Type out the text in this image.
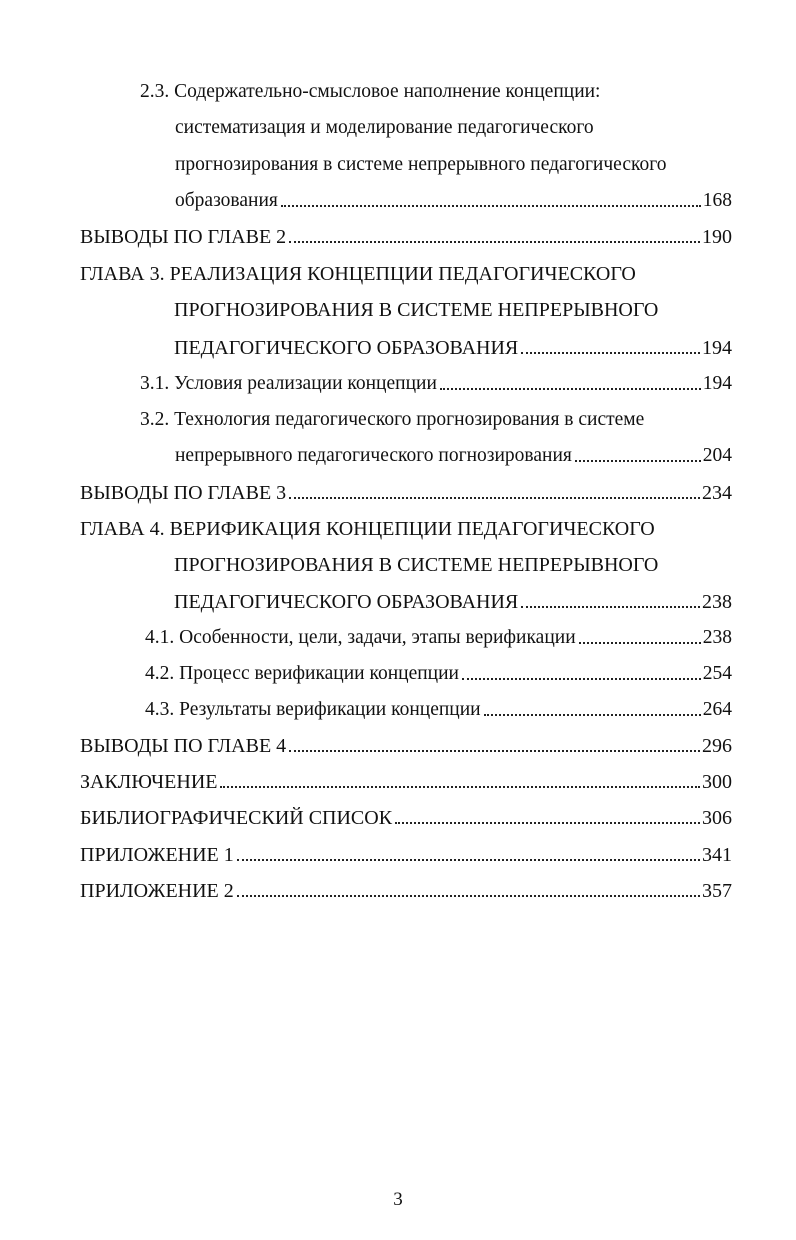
2.3. Содержательно-смысловое наполнение концепции:
систематизация и моделирование педагогического
прогнозирования в системе непрерывного педагогического
образования	168
ВЫВОДЫ ПО ГЛАВЕ 2	190
ГЛАВА 3. РЕАЛИЗАЦИЯ КОНЦЕПЦИИ ПЕДАГОГИЧЕСКОГО
ПРОГНОЗИРОВАНИЯ В СИСТЕМЕ НЕПРЕРЫВНОГО
ПЕДАГОГИЧЕСКОГО ОБРАЗОВАНИЯ	194
3.1. Условия реализации концепции	194
3.2. Технология педагогического прогнозирования в системе
непрерывного педагогического погнозирования	204
ВЫВОДЫ ПО ГЛАВЕ 3	234
ГЛАВА 4. ВЕРИФИКАЦИЯ КОНЦЕПЦИИ ПЕДАГОГИЧЕСКОГО
ПРОГНОЗИРОВАНИЯ В СИСТЕМЕ НЕПРЕРЫВНОГО
ПЕДАГОГИЧЕСКОГО ОБРАЗОВАНИЯ	238
4.1. Особенности, цели, задачи, этапы верификации	238
4.2. Процесс верификации концепции	254
4.3. Результаты верификации концепции	264
ВЫВОДЫ ПО ГЛАВЕ 4	296
ЗАКЛЮЧЕНИЕ	300
БИБЛИОГРАФИЧЕСКИЙ СПИСОК	306
ПРИЛОЖЕНИЕ 1	341
ПРИЛОЖЕНИЕ 2	357
3
